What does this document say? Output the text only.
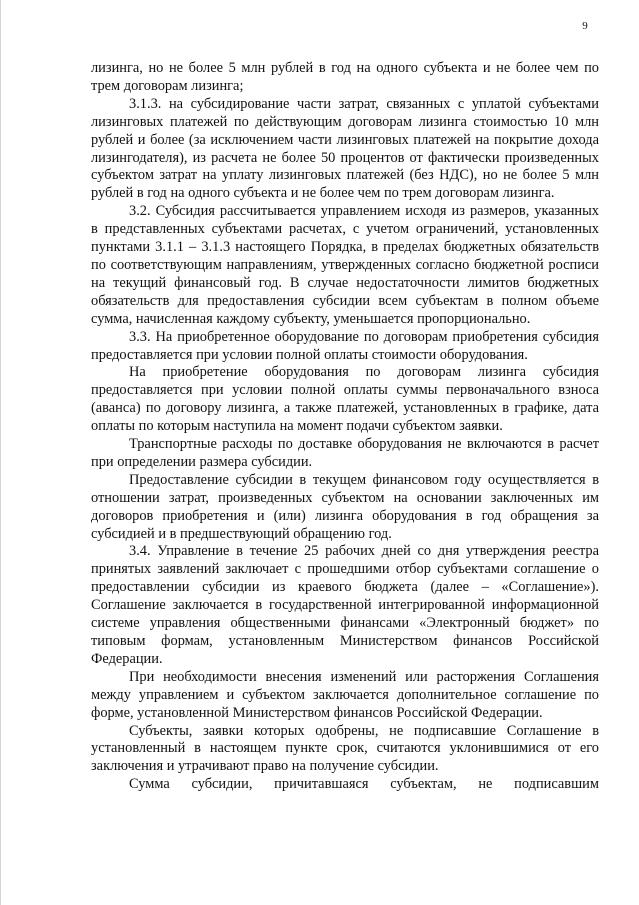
9

лизинга, но не более 5 млн рублей в год на одного субъекта и не более чем по трем договорам лизинга;

3.1.3. на субсидирование части затрат, связанных с уплатой субъектами лизинговых платежей по действующим договорам лизинга стоимостью 10 млн рублей и более (за исключением части лизинговых платежей на покрытие дохода лизингодателя), из расчета не более 50 процентов от фактически произведенных субъектом затрат на уплату лизинговых платежей (без НДС), но не более 5 млн рублей в год на одного субъекта и не более чем по трем договорам лизинга.

3.2. Субсидия рассчитывается управлением исходя из размеров, указанных в представленных субъектами расчетах, с учетом ограничений, установленных пунктами 3.1.1 – 3.1.3 настоящего Порядка, в пределах бюджетных обязательств по соответствующим направлениям, утвержденных согласно бюджетной росписи на текущий финансовый год. В случае недостаточности лимитов бюджетных обязательств для предоставления субсидии всем субъектам в полном объеме сумма, начисленная каждому субъекту, уменьшается пропорционально.

3.3. На приобретенное оборудование по договорам приобретения субсидия предоставляется при условии полной оплаты стоимости оборудования.

На приобретение оборудования по договорам лизинга субсидия предоставляется при условии полной оплаты суммы первоначального взноса (аванса) по договору лизинга, а также платежей, установленных в графике, дата оплаты по которым наступила на момент подачи субъектом заявки.

Транспортные расходы по доставке оборудования не включаются в расчет при определении размера субсидии.

Предоставление субсидии в текущем финансовом году осуществляется в отношении затрат, произведенных субъектом на основании заключенных им договоров приобретения и (или) лизинга оборудования в год обращения за субсидией и в предшествующий обращению год.

3.4. Управление в течение 25 рабочих дней со дня утверждения реестра принятых заявлений заключает с прошедшими отбор субъектами соглашение о предоставлении субсидии из краевого бюджета (далее – «Соглашение»). Соглашение заключается в государственной интегрированной информационной системе управления общественными финансами «Электронный бюджет» по типовым формам, установленным Министерством финансов Российской Федерации.

При необходимости внесения изменений или расторжения Соглашения между управлением и субъектом заключается дополнительное соглашение по форме, установленной Министерством финансов Российской Федерации.

Субъекты, заявки которых одобрены, не подписавшие Соглашение в установленный в настоящем пункте срок, считаются уклонившимися от его заключения и утрачивают право на получение субсидии.

Сумма субсидии, причитавшаяся субъектам, не подписавшим
